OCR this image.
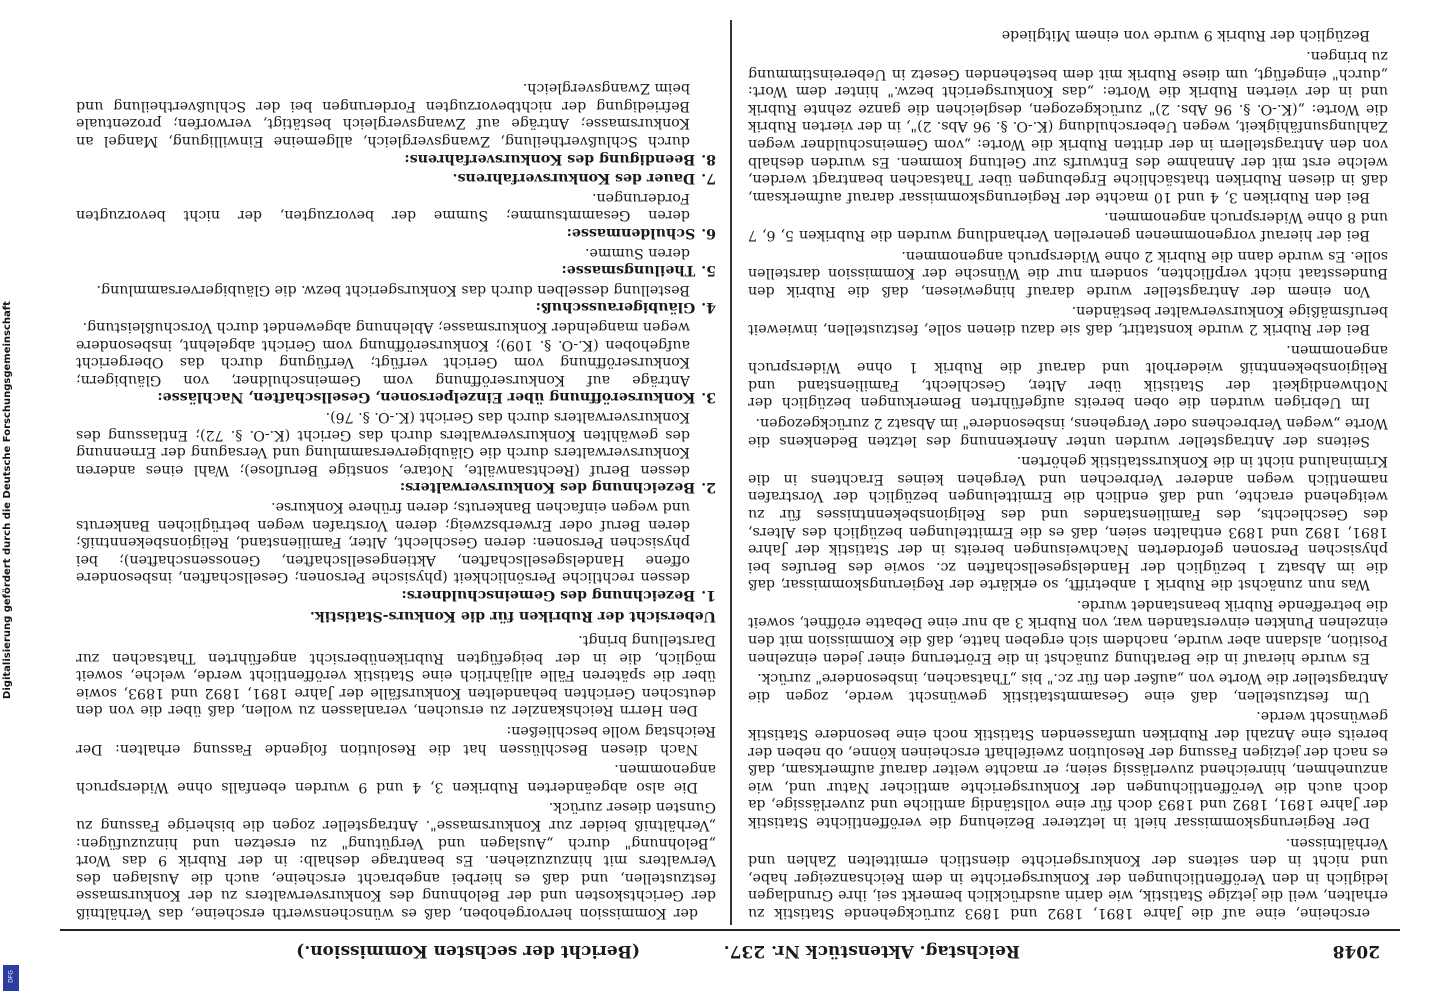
Digitalisierung gefördert durch die Deutsche Forschungsgemeinschaft
DFG
2048
Reichstag. Aktenstück Nr. 237.
(Bericht der sechsten Kommission.)

erscheine, eine auf die Jahre 1891, 1892 und 1893 zurückgehende Statistik zu erhalten, weil die jetzige Statistik, wie darin ausdrücklich bemerkt sei, ihre Grundlagen lediglich in den Veröffentlichungen der Konkursgerichte in dem Reichsanzeiger habe, und nicht in den seitens der Konkursgerichte dienstlich ermittelten Zahlen und Verhältnissen.

Der Regierungskommissar hielt in letzterer Beziehung die veröffentlichte Statistik der Jahre 1891, 1892 und 1893 doch für eine vollständig amtliche und zuverlässige, da doch auch die Veröffentlichungen der Konkursgerichte amtlicher Natur und, wie anzunehmen, hinreichend zuverlässig seien; er machte weiter darauf aufmerksam, daß es nach der jetzigen Fassung der Resolution zweifelhaft erscheinen könne, ob neben der bereits eine Anzahl der Rubriken umfassenden Statistik noch eine besondere Statistik gewünscht werde.

Um festzustellen, daß eine Gesammtstatistik gewünscht werde, zogen die Antragsteller die Worte von „außer den für zc." bis „Thatsachen, insbesondere" zurück.

Es wurde hierauf in die Berathung zunächst in die Erörterung einer jeden einzelnen Position, alsdann aber wurde, nachdem sich ergeben hatte, daß die Kommission mit den einzelnen Punkten einverstanden war, von Rubrik 3 ab nur eine Debatte eröffnet, soweit die betreffende Rubrik beanstandet wurde.

Was nun zunächst die Rubrik 1 anbetrifft, so erklärte der Regierungskommissar, daß die im Absatz 1 bezüglich der Handelsgesellschaften zc. sowie des Berufes bei physischen Personen geforderten Nachweisungen bereits in der Statistik der Jahre 1891, 1892 und 1893 enthalten seien, daß es die Ermittelungen bezüglich des Alters, des Geschlechts, des Familienstandes und des Religionsbekenntnisses für zu weitgehend erachte, und daß endlich die Ermittelungen bezüglich der Vorstrafen namentlich wegen anderer Verbrechen und Vergehen keines Erachtens in die Kriminalund nicht in die Konkursstatistik gehörten.

Seitens der Antragsteller wurden unter Anerkennung des letzten Bedenkens die Worte „wegen Verbrechens oder Vergehens, insbesondere" im Absatz 2 zurückgezogen.

Im Uebrigen wurden die oben bereits aufgeführten Bemerkungen bezüglich der Nothwendigkeit der Statistik über Alter, Geschlecht, Familienstand und Religionsbekenntniß wiederholt und darauf die Rubrik 1 ohne Widerspruch angenommen.

Bei der Rubrik 2 wurde konstatirt, daß sie dazu dienen solle, festzustellen, inwieweit berufsmäßige Konkursverwalter beständen.

Von einem der Antragsteller wurde darauf hingewiesen, daß die Rubrik den Bundesstaat nicht verpflichten, sondern nur die Wünsche der Kommission darstellen solle. Es wurde dann die Rubrik 2 ohne Widerspruch angenommen.

Bei der hierauf vorgenommenen generellen Verhandlung wurden die Rubriken 5, 6, 7 und 8 ohne Widerspruch angenommen.

Bei den Rubriken 3, 4 und 10 machte der Regierungskommissar darauf aufmerksam, daß in diesen Rubriken thatsächliche Ergebungen über Thatsachen beantragt werden, welche erst mit der Annahme des Entwurfs zur Geltung kommen. Es wurden deshalb von den Antragstellern in der dritten Rubrik die Worte: „vom Gemeinschuldner wegen Zahlungsunfähigkeit, wegen Ueberschuldung (K.-O. §. 96 Abs. 2)", in der vierten Rubrik die Worte: „(K.-O. §. 96 Abs. 2)" zurückgezogen, desgleichen die ganze zehnte Rubrik und in der vierten Rubrik die Worte: „das Konkursgericht bezw." hinter dem Wort: „durch" eingefügt, um diese Rubrik mit dem bestehenden Gesetz in Uebereinstimmung zu bringen.

Bezüglich der Rubrik 9 wurde von einem Mitgliede

der Kommission hervorgehoben, daß es wünschenswerth erscheine, das Verhältniß der Gerichtskosten und der Belohnung des Konkursverwalters zu der Konkursmasse festzustellen, und daß es hierbei angebracht erscheine, auch die Auslagen des Verwalters mit hinzuzuziehen. Es beantrage deshalb: in der Rubrik 9 das Wort „Belohnung" durch „Auslagen und Vergütung" zu ersetzen und hinzuzufügen: „Verhältniß beider zur Konkursmasse". Antragsteller zogen die bisherige Fassung zu Gunsten dieser zurück.

Die also abgeänderten Rubriken 3, 4 und 9 wurden ebenfalls ohne Widerspruch angenommen.

Nach diesen Beschlüssen hat die Resolution folgende Fassung erhalten: Der Reichstag wolle beschließen:

Den Herrn Reichskanzler zu ersuchen, veranlassen zu wollen, daß über die von den deutschen Gerichten behandelten Konkursfälle der Jahre 1891, 1892 und 1893, sowie über die späteren Fälle alljährlich eine Statistik veröffentlicht werde, welche, soweit möglich, die in der beigefügten Rubrikenübersicht angeführten Thatsachen zur Darstellung bringt.

Uebersicht der Rubriken für die Konkurs-Statistik.

1.Bezeichnung des Gemeinschuldners:

dessen rechtliche Persönlichkeit (physische Personen; Gesellschaften, insbesondere offene Handelsgesellschaften, Aktiengesellschaften, Genossenschaften); bei physischen Personen: deren Geschlecht, Alter, Familienstand, Religionsbekenntniß; deren Beruf oder Erwerbszweig; deren Vorstrafen wegen betrüglichen Bankeruts und wegen einfachen Bankeruts; deren frühere Konkurse.

2.Bezeichnung des Konkursverwalters:

dessen Beruf (Rechtsanwälte, Notare, sonstige Beruflose); Wahl eines anderen Konkursverwalters durch die Gläubigerversammlung und Versagung der Ernennung des gewählten Konkursverwalters durch das Gericht (K.-O. §. 72); Entlassung des Konkursverwalters durch das Gericht (K.-O. §. 76).

3.Konkurseröffnung über Einzelpersonen, Gesellschaften, Nachlässe:

Anträge auf Konkurseröffnung vom Gemeinschuldner, von Gläubigern; Konkurseröffnung vom Gericht verfügt; Verfügung durch das Obergericht aufgehoben (K.-O. §. 109); Konkurseröffnung vom Gericht abgelehnt, insbesondere wegen mangelnder Konkursmasse; Ablehnung abgewendet durch Vorschußleistung.

4.Gläubigerausschuß:

Bestellung desselben durch das Konkursgericht bezw. die Gläubigerversammlung.

5.Theilungsmasse:

deren Summe.

6.Schuldenmasse:

deren Gesammtsumme; Summe der bevorzugten, der nicht bevorzugten Forderungen.

7.Dauer des Konkursverfahrens.

8.Beendigung des Konkursverfahrens:

durch Schlußvertheilung, Zwangsvergleich, allgemeine Einwilligung, Mangel an Konkursmasse; Anträge auf Zwangsvergleich bestätigt, verworfen; prozentuale Befriedigung der nichtbevorzugten Forderungen bei der Schlußvertheilung und beim Zwangsvergleich.
